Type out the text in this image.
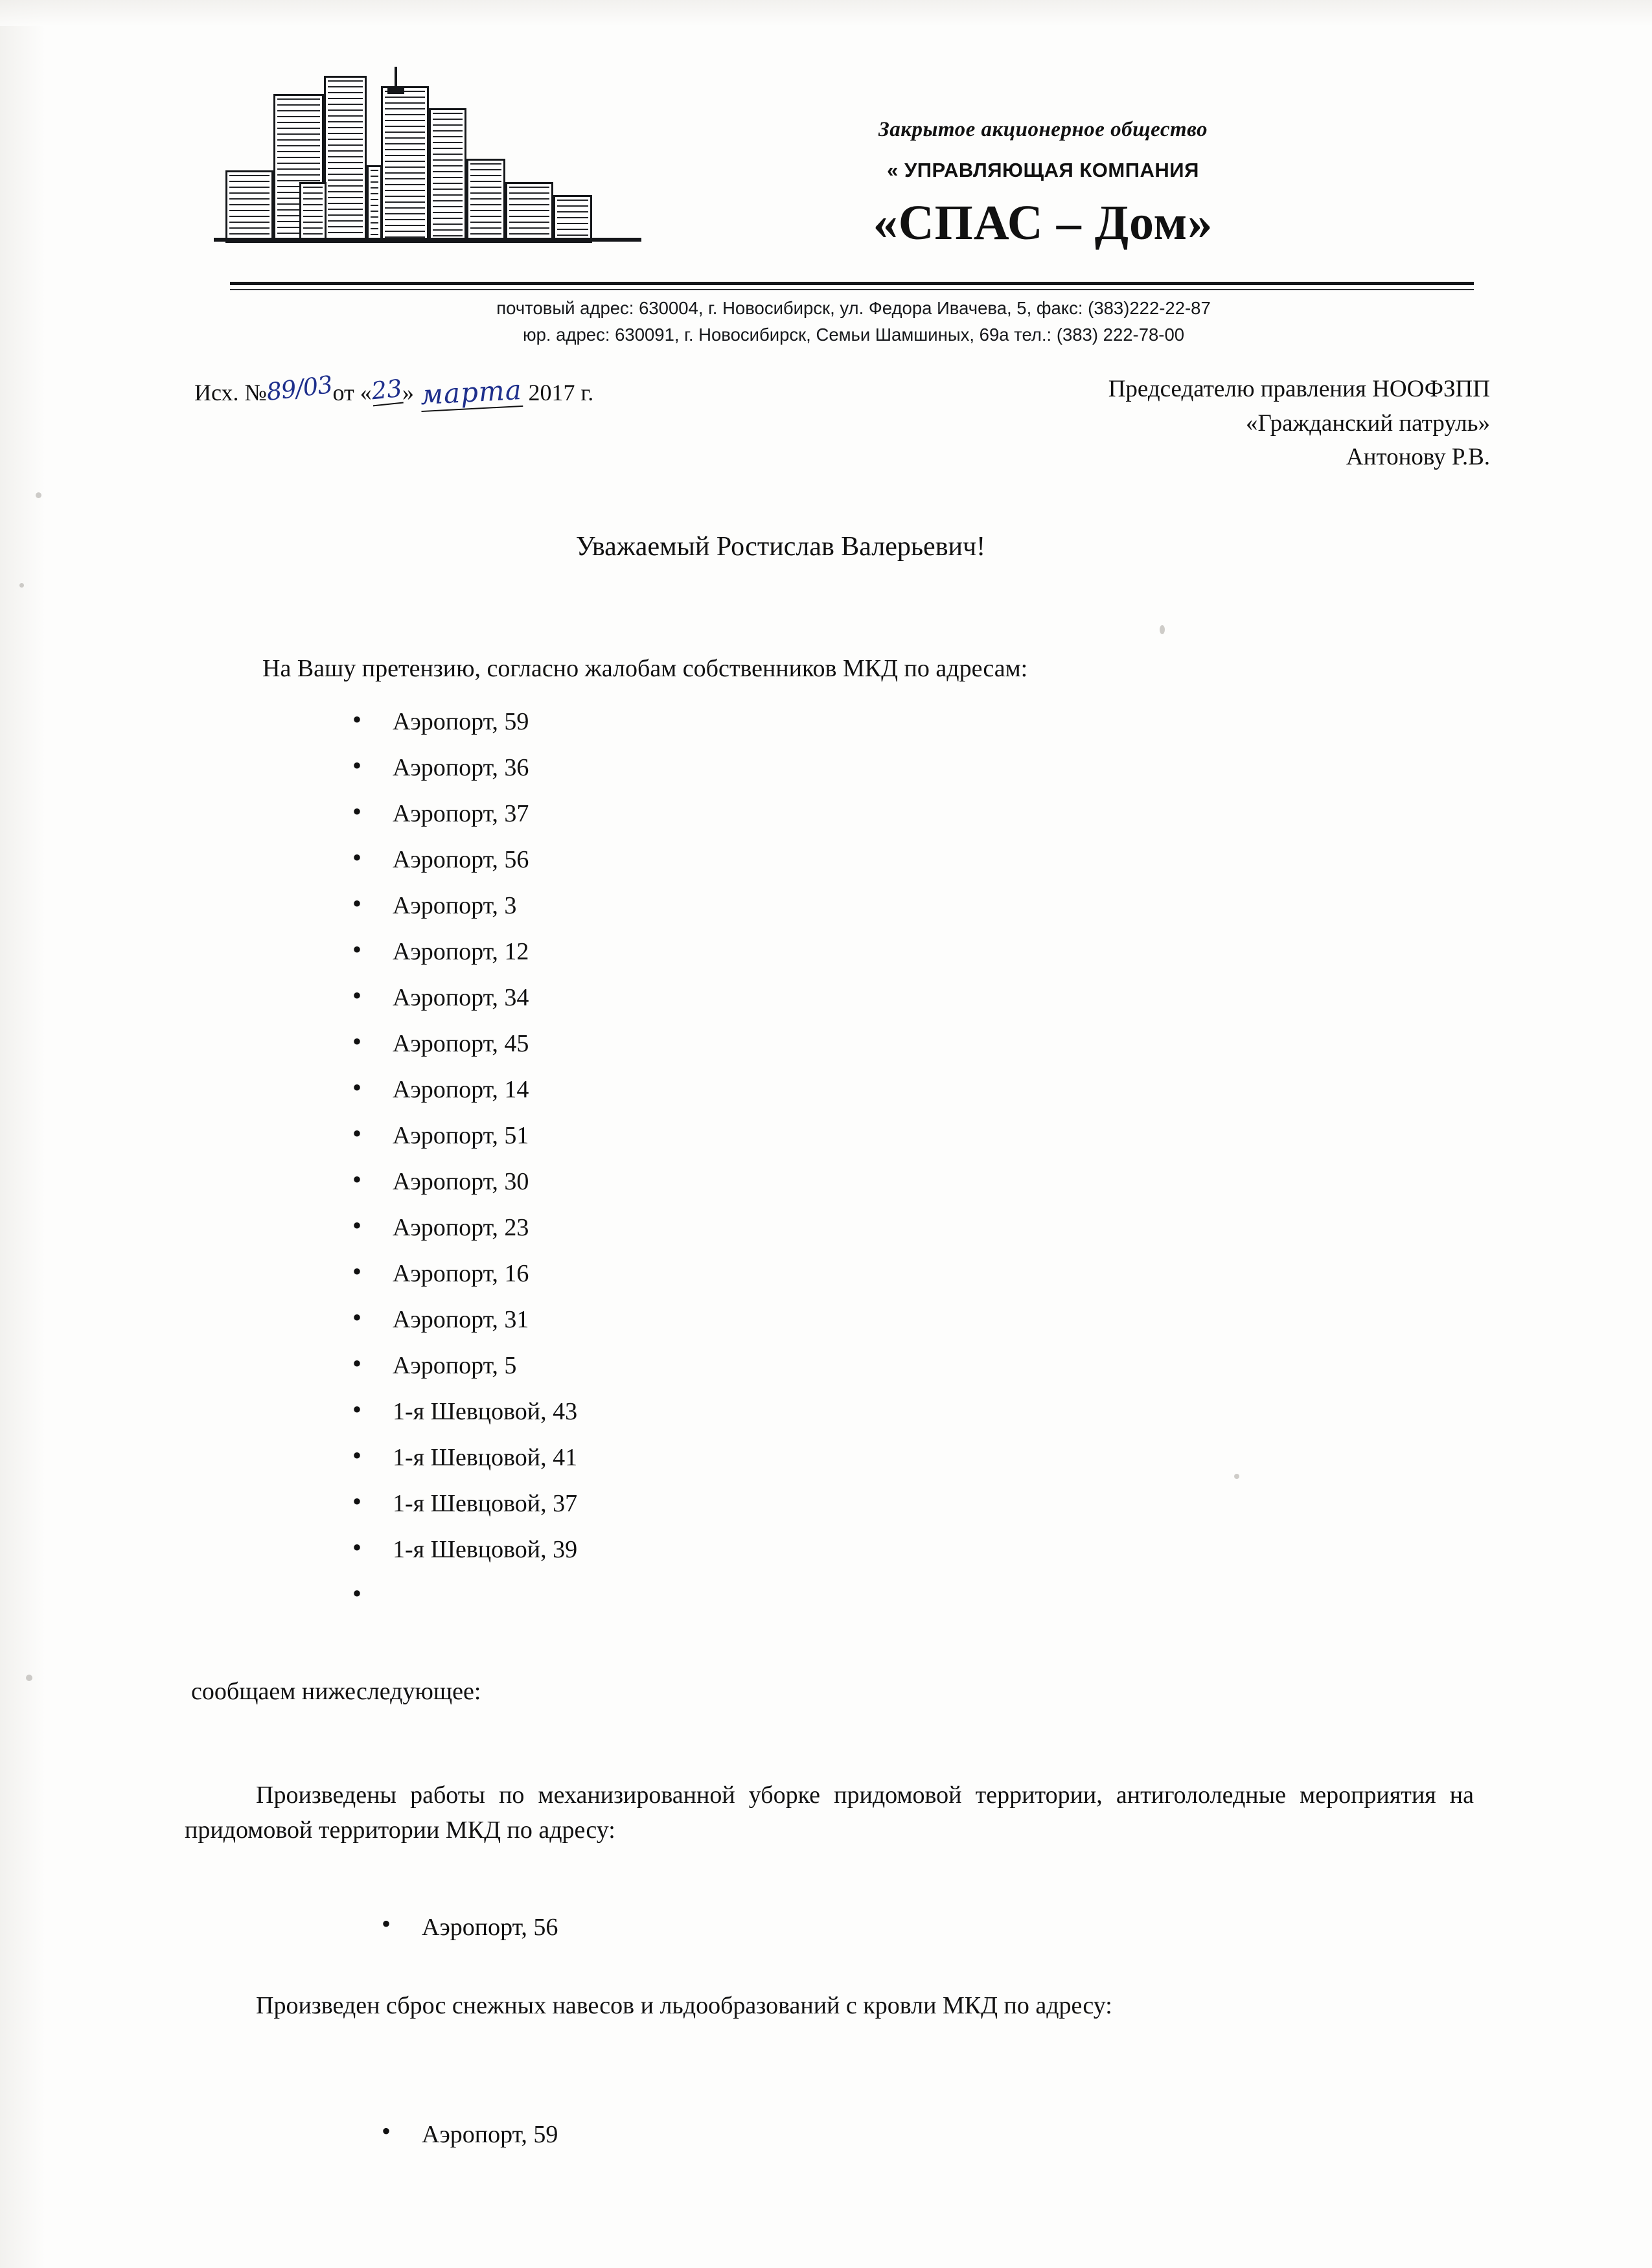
Закрытое акционерное общество
« УПРАВЛЯЮЩАЯ КОМПАНИЯ
«СПАС – Дом»
почтовый адрес: 630004, г. Новосибирск, ул. Федора Ивачева, 5, факс: (383)222-22-87
юр. адрес: 630091, г. Новосибирск, Семьи Шамшиных, 69а тел.: (383) 222-78-00
Исх. №89/03от «23» марта 2017 г.	Председателю правления НООФЗПП
«Гражданский патруль»
Антонову Р.В.
Уважаемый Ростислав Валерьевич!
На Вашу претензию, согласно жалобам собственников МКД по адресам:
• Аэропорт, 59
• Аэропорт, 36
• Аэропорт, 37
• Аэропорт, 56
• Аэропорт, 3
• Аэропорт, 12
• Аэропорт, 34
• Аэропорт, 45
• Аэропорт, 14
• Аэропорт, 51
• Аэропорт, 30
• Аэропорт, 23
• Аэропорт, 16
• Аэропорт, 31
• Аэропорт, 5
• 1-я Шевцовой, 43
• 1-я Шевцовой, 41
• 1-я Шевцовой, 37
• 1-я Шевцовой, 39
•
сообщаем нижеследующее:
Произведены работы по механизированной уборке придомовой территории, антигололедные мероприятия на придомовой территории МКД по адресу:
• Аэропорт, 56
Произведен сброс снежных навесов и льдообразований с кровли МКД по адресу:
• Аэропорт, 59
